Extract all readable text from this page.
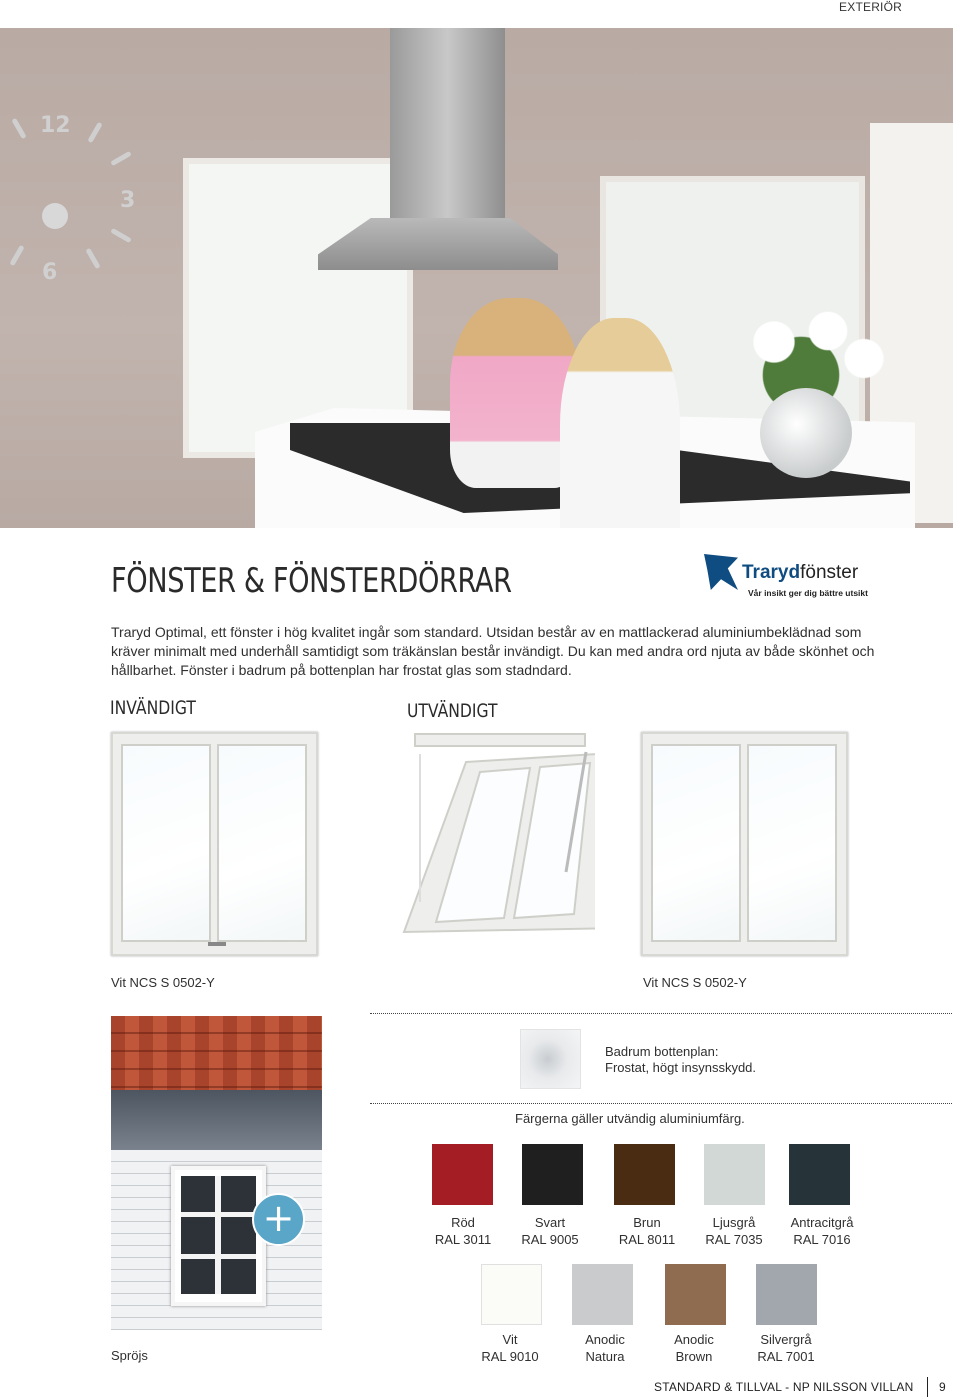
EXTERIÖR
12
3
6
FÖNSTER & FÖNSTERDÖRRAR	Trarydfönster
Vår insikt ger dig bättre utsikt

Traryd Optimal, ett fönster i hög kvalitet ingår som standard. Utsidan består av en mattlackerad aluminiumbeklädnad som kräver minimalt med underhåll samtidigt som träkänslan består invändigt. Du kan med andra ord njuta av både skönhet och hållbarhet. Fönster i badrum på bottenplan har frostat glas som stadndard.

INVÄNDIGT	UTVÄNDIGT
Vit NCS S 0502-Y	Vit NCS S 0502-Y
+
Spröjs
Badrum bottenplan:
Frostat, högt insynsskydd.
Färgerna gäller utvändig aluminiumfärg.
Röd
RAL 3011
Svart
RAL 9005
Brun
RAL 8011
Ljusgrå
RAL 7035
Antracitgrå
RAL 7016
Vit
RAL 9010
Anodic
Natura
Anodic
Brown
Silvergrå
RAL 7001
STANDARD & TILLVAL - NP NILSSON VILLAN 9
